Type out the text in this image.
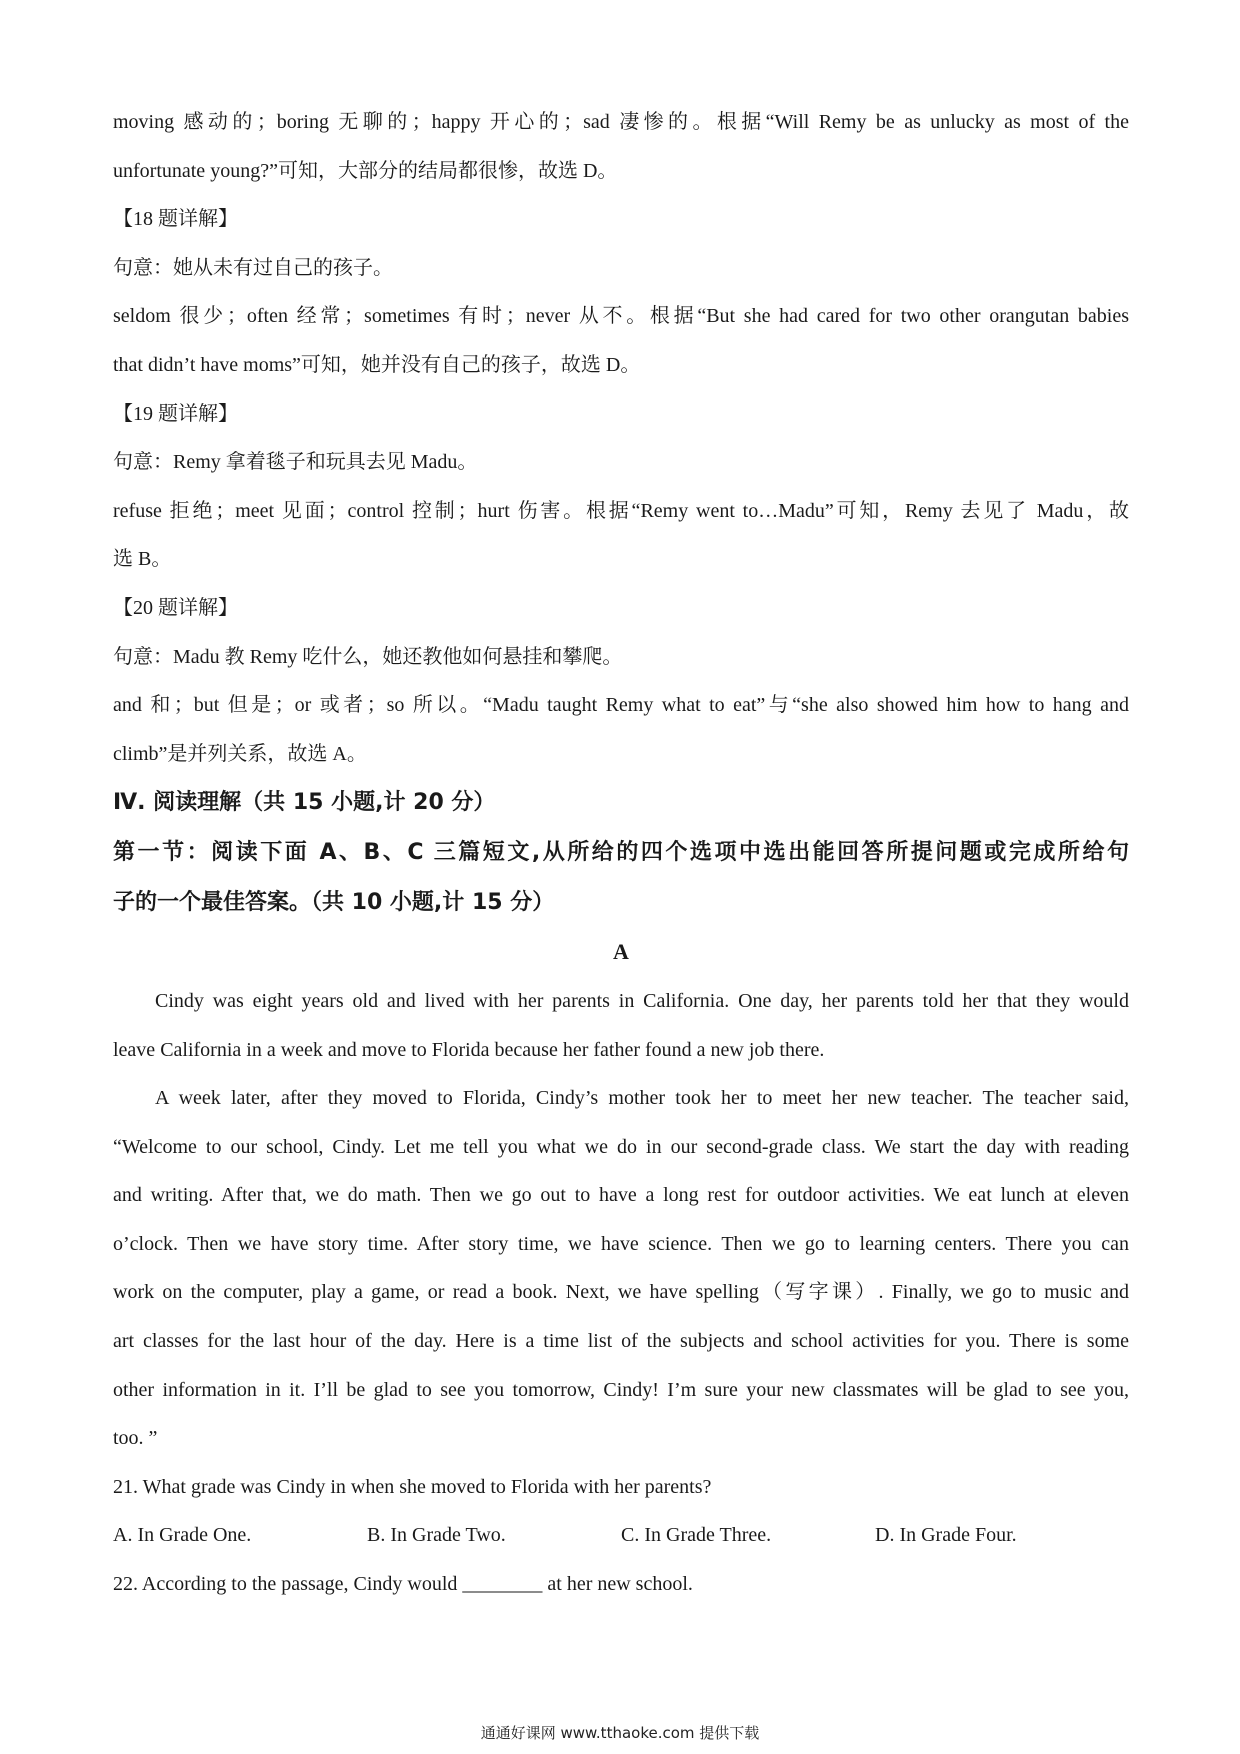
moving 感动的；boring 无聊的；happy 开心的；sad 凄惨的。根据“Will Remy be as unlucky as most of the
unfortunate young?”可知，大部分的结局都很惨，故选 D。
【18 题详解】
句意：她从未有过自己的孩子。
seldom 很少；often 经常；sometimes 有时；never 从不。根据“But she had cared for two other orangutan babies
that didn’t have moms”可知，她并没有自己的孩子，故选 D。
【19 题详解】
句意：Remy 拿着毯子和玩具去见 Madu。
refuse 拒绝；meet 见面；control 控制；hurt 伤害。根据“Remy went to…Madu”可知，Remy 去见了 Madu，故
选 B。
【20 题详解】
句意：Madu 教 Remy 吃什么，她还教他如何悬挂和攀爬。
and 和；but 但是；or 或者；so 所以。“Madu taught Remy what to eat”与“she also showed him how to hang and
climb”是并列关系，故选 A。
Ⅳ. 阅读理解（共 15 小题,计 20 分）
第一节：阅读下面 A、B、C 三篇短文,从所给的四个选项中选出能回答所提问题或完成所给句
子的一个最佳答案。（共 10 小题,计 15 分）
A
Cindy was eight years old and lived with her parents in California. One day, her parents told her that they would
leave California in a week and move to Florida because her father found a new job there.
A week later, after they moved to Florida, Cindy’s mother took her to meet her new teacher. The teacher said,
“Welcome to our school, Cindy. Let me tell you what we do in our second-grade class. We start the day with reading
and writing. After that, we do math. Then we go out to have a long rest for outdoor activities. We eat lunch at eleven
o’clock. Then we have story time. After story time, we have science. Then we go to learning centers. There you can
work on the computer, play a game, or read a book. Next, we have spelling（写字课）. Finally, we go to music and
art classes for the last hour of the day. Here is a time list of the subjects and school activities for you. There is some
other information in it. I’ll be glad to see you tomorrow, Cindy! I’m sure your new classmates will be glad to see you,
too. ”
21. What grade was Cindy in when she moved to Florida with her parents?
A. In Grade One.	B. In Grade Two.	C. In Grade Three.	D. In Grade Four.
22. According to the passage, Cindy would ________ at her new school.
通通好课网 www.tthaoke.com 提供下载
